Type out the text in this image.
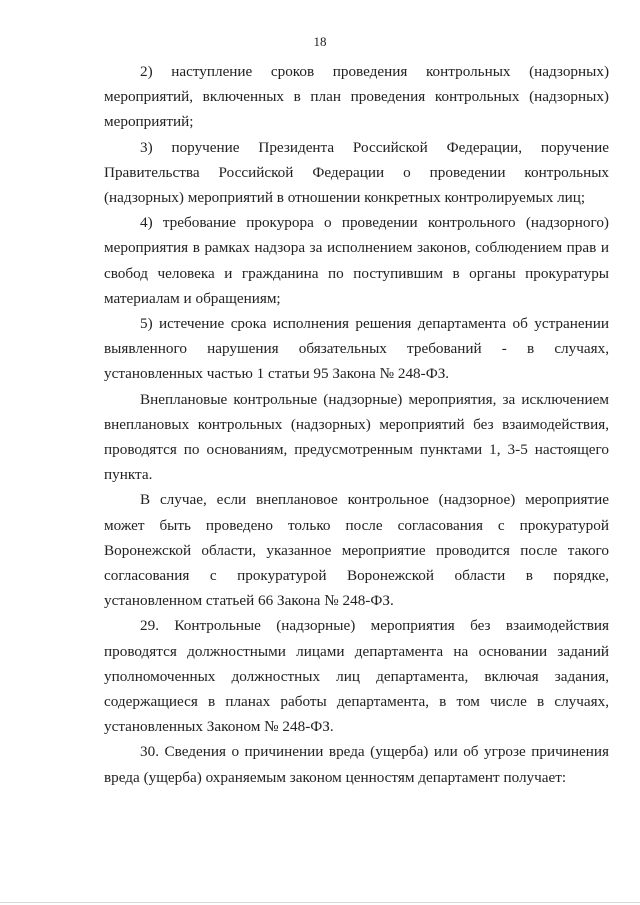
18

2) наступление сроков проведения контрольных (надзорных) мероприятий, включенных в план проведения контрольных (надзорных) мероприятий;

3) поручение Президента Российской Федерации, поручение Правительства Российской Федерации о проведении контрольных (надзорных) мероприятий в отношении конкретных контролируемых лиц;

4) требование прокурора о проведении контрольного (надзорного) мероприятия в рамках надзора за исполнением законов, соблюдением прав и свобод человека и гражданина по поступившим в органы прокуратуры материалам и обращениям;

5) истечение срока исполнения решения департамента об устранении выявленного нарушения обязательных требований - в случаях, установленных частью 1 статьи 95 Закона № 248-ФЗ.

Внеплановые контрольные (надзорные) мероприятия, за исключением внеплановых контрольных (надзорных) мероприятий без взаимодействия, проводятся по основаниям, предусмотренным пунктами 1, 3-5 настоящего пункта.

В случае, если внеплановое контрольное (надзорное) мероприятие может быть проведено только после согласования с прокуратурой Воронежской области, указанное мероприятие проводится после такого согласования с прокуратурой Воронежской области в порядке, установленном статьей 66 Закона № 248-ФЗ.

29. Контрольные (надзорные) мероприятия без взаимодействия проводятся должностными лицами департамента на основании заданий уполномоченных должностных лиц департамента, включая задания, содержащиеся в планах работы департамента, в том числе в случаях, установленных Законом № 248-ФЗ.

30. Сведения о причинении вреда (ущерба) или об угрозе причинения вреда (ущерба) охраняемым законом ценностям департамент получает:
